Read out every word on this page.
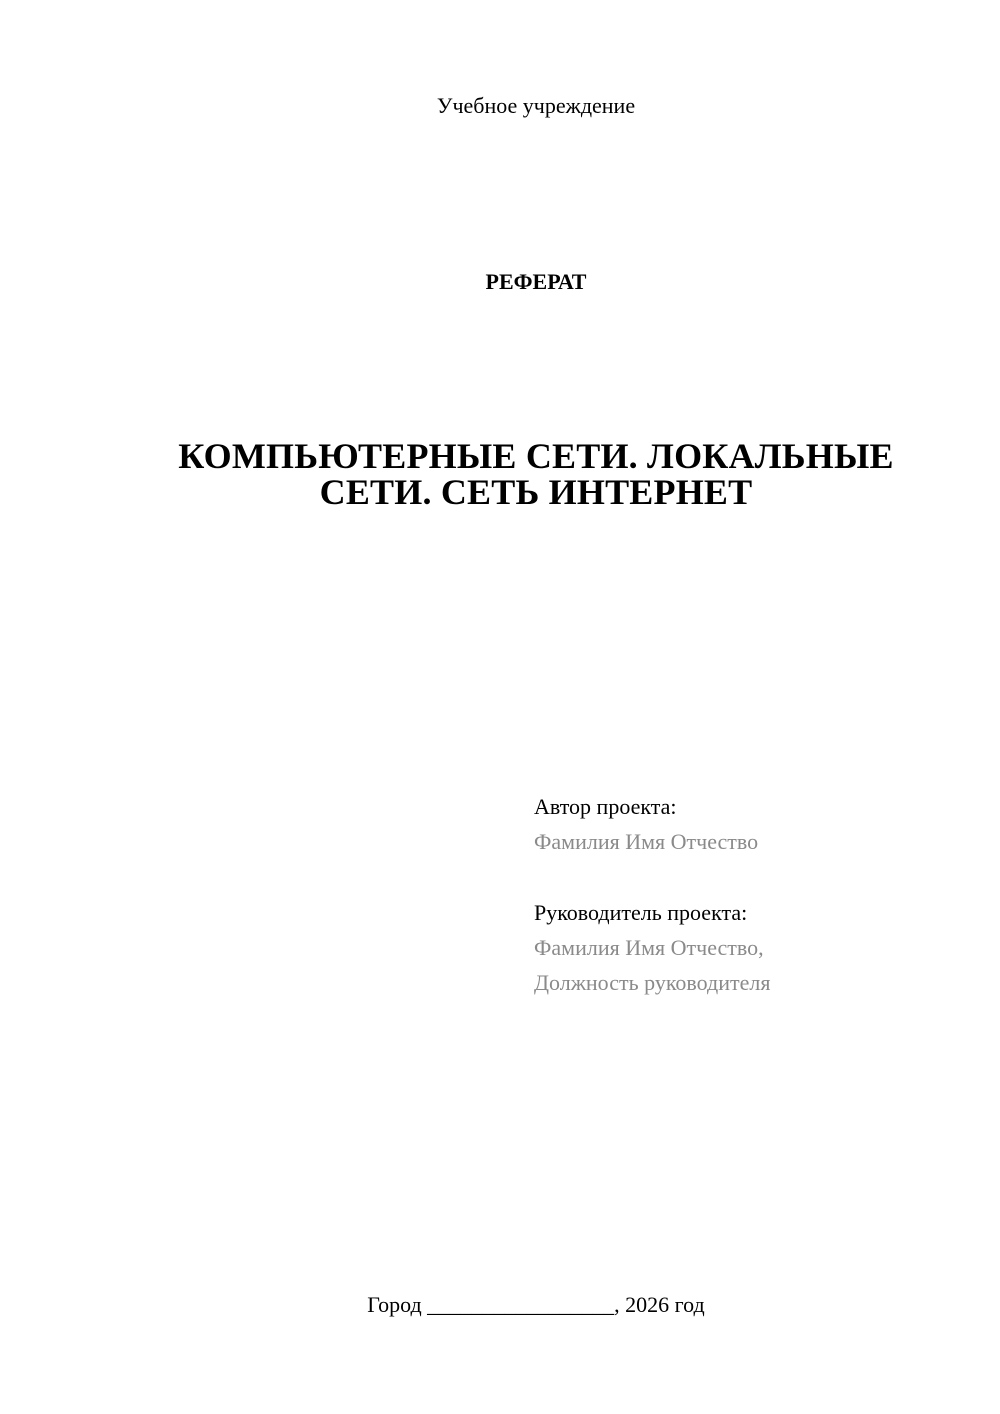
Учебное учреждение
РЕФЕРАТ
КОМПЬЮТЕРНЫЕ СЕТИ. ЛОКАЛЬНЫЕ
СЕТИ. СЕТЬ ИНТЕРНЕТ
Автор проекта:
Фамилия Имя Отчество
Руководитель проекта:
Фамилия Имя Отчество,
Должность руководителя
Город _________________, 2026 год
